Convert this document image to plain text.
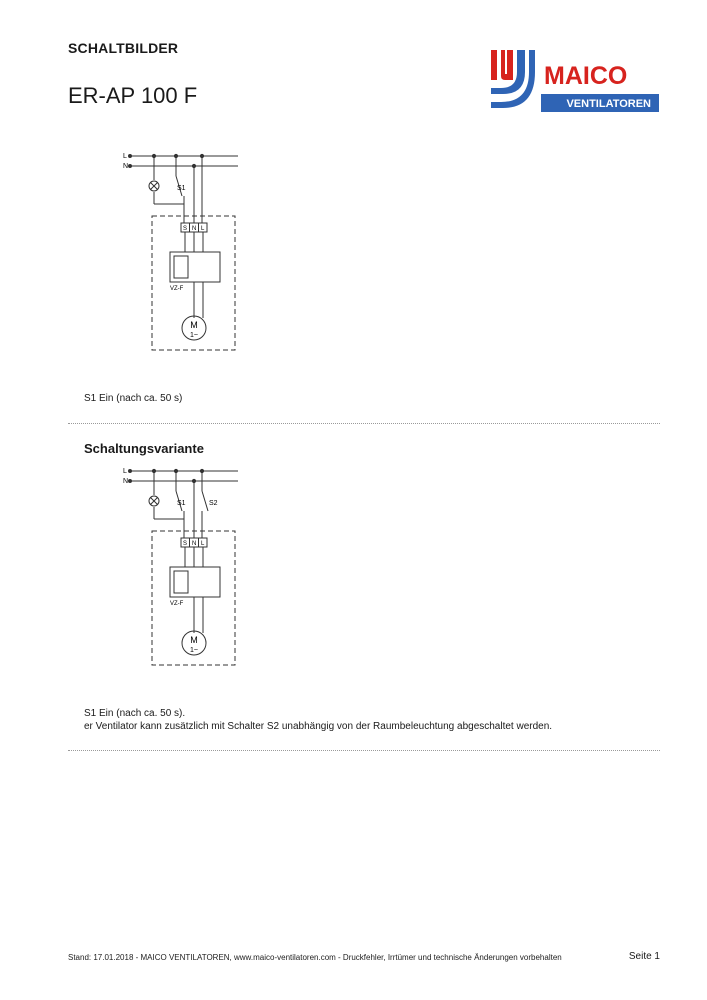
SCHALTBILDER
ER-AP 100 F
MAICO
VENTILATOREN
L
N
S1
S N L
VZ-F
M
1~
S1 Ein (nach ca. 50 s)
Schaltungsvariante
L
N
S1	S2
S N L
VZ-F
M
1~
S1 Ein (nach ca. 50 s).
er Ventilator kann zusätzlich mit Schalter S2 unabhängig von der Raumbeleuchtung abgeschaltet werden.
Stand: 17.01.2018 - MAICO VENTILATOREN, www.maico-ventilatoren.com - Druckfehler, Irrtümer und technische Änderungen vorbehalten	Seite 1
